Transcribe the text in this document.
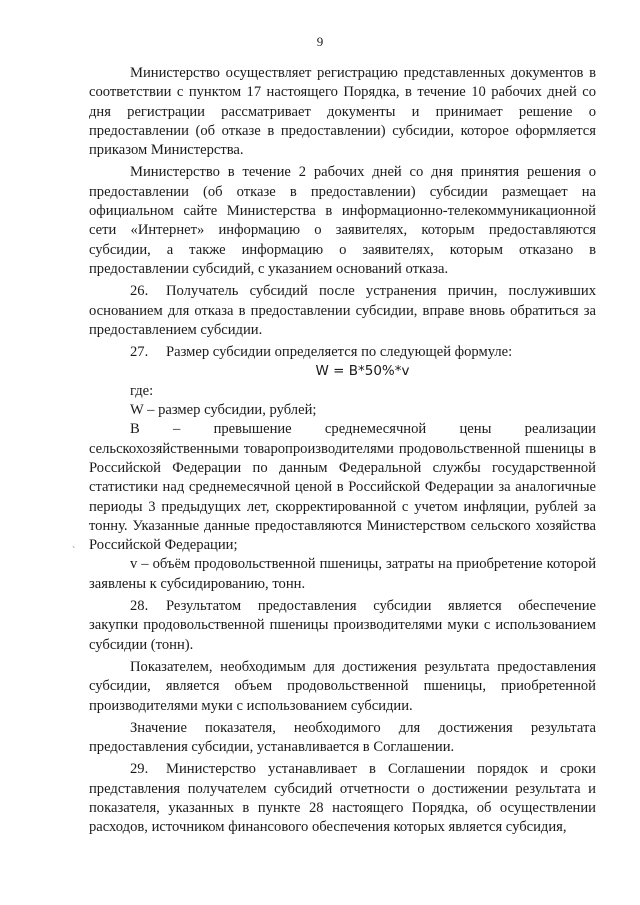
9
`

Министерство осуществляет регистрацию представленных документов в соответствии с пунктом 17 настоящего Порядка, в течение 10 рабочих дней со дня регистрации рассматривает документы и принимает решение о предоставлении (об отказе в предоставлении) субсидии, которое оформляется приказом Министерства.

Министерство в течение 2 рабочих дней со дня принятия решения о предоставлении (об отказе в предоставлении) субсидии размещает на официальном сайте Министерства в информационно-телекоммуникационной сети «Интернет» информацию о заявителях, которым предоставляются субсидии, а также информацию о заявителях, которым отказано в предоставлении субсидий, с указанием оснований отказа.

26. Получатель субсидий после устранения причин, послуживших основанием для отказа в предоставлении субсидии, вправе вновь обратиться за предоставлением субсидии.

27. Размер субсидии определяется по следующей формуле:

W = B*50%*v

где:

W – размер субсидии, рублей;

B – превышение среднемесячной цены реализации сельскохозяйственными товаропроизводителями продовольственной пшеницы в Российской Федерации по данным Федеральной службы государственной статистики над среднемесячной ценой в Российской Федерации за аналогичные периоды 3 предыдущих лет, скорректированной с учетом инфляции, рублей за тонну. Указанные данные предоставляются Министерством сельского хозяйства Российской Федерации;

v – объём продовольственной пшеницы, затраты на приобретение которой заявлены к субсидированию, тонн.

28. Результатом предоставления субсидии является обеспечение закупки продовольственной пшеницы производителями муки с использованием субсидии (тонн).

Показателем, необходимым для достижения результата предоставления субсидии, является объем продовольственной пшеницы, приобретенной производителями муки с использованием субсидии.

Значение показателя, необходимого для достижения результата предоставления субсидии, устанавливается в Соглашении.

29. Министерство устанавливает в Соглашении порядок и сроки представления получателем субсидий отчетности о достижении результата и показателя, указанных в пункте 28 настоящего Порядка, об осуществлении расходов, источником финансового обеспечения которых является субсидия,
